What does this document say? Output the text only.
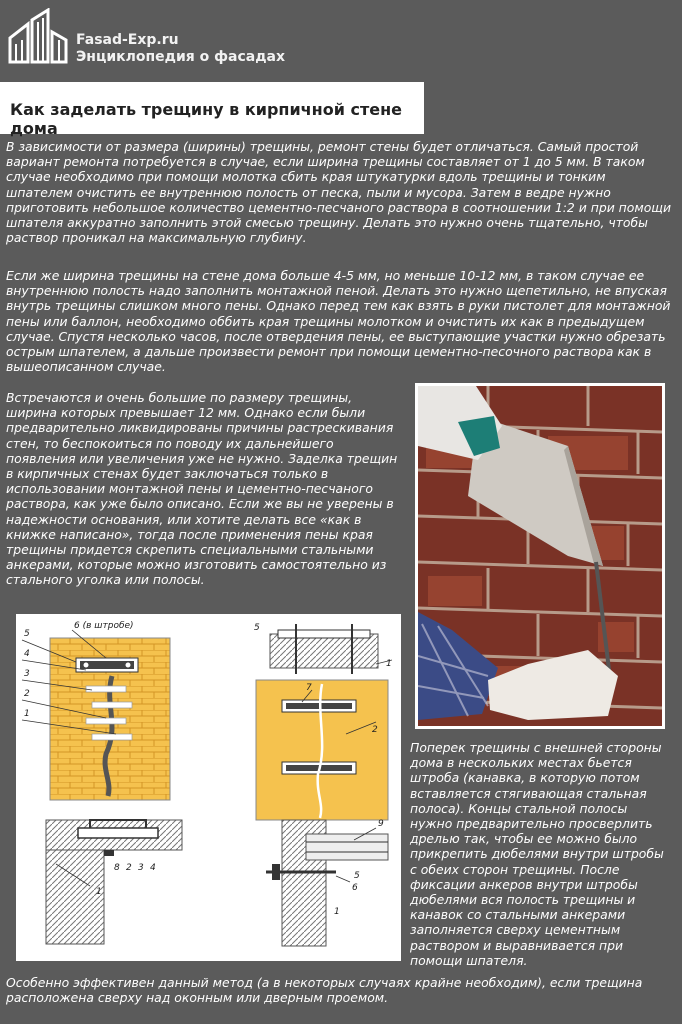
Fasad-Exp.ru
Энциклопедия о фасадах
Как заделать трещину в кирпичной стене дома

В зависимости от размера (ширины) трещины, ремонт стены будет отличаться. Самый простой вариант ремонта потребуется в случае, если ширина трещины составляет от 1 до 5 мм. В таком случае необходимо при помощи молотка сбить края штукатурки вдоль трещины и тонким шпателем очистить ее внутреннюю полость от песка, пыли и мусора. Затем в ведре нужно приготовить небольшое количество цементно-песчаного раствора в соотношении 1:2 и при помощи шпателя аккуратно заполнить этой смесью трещину. Делать это нужно очень тщательно, чтобы раствор проникал на максимальную глубину.

Если же ширина трещины на стене дома больше 4-5 мм, но меньше 10-12 мм, в таком случае ее внутреннюю полость надо заполнить монтажной пеной. Делать это нужно щепетильно, не впуская внутрь трещины слишком много пены. Однако перед тем как взять в руки пистолет для монтажной пены или баллон, необходимо оббить края трещины молотком и очистить их как в предыдущем случае. Спустя несколько часов, после отвердения пены, ее выступающие участки нужно обрезать острым шпателем, а дальше произвести ремонт при помощи цементно-песочного раствора как в вышеописанном случае.

Встречаются и очень большие по размеру трещины, ширина которых превышает 12 мм. Однако если были предварительно ликвидированы причины растрескивания стен, то беспокоиться по поводу их дальнейшего появления или увеличения уже не нужно. Заделка трещин в кирпичных стенах будет заключаться только в использовании монтажной пены и цементно-песчаного раствора, как уже было описано. Если же вы не уверены в надежности основания, или хотите делать все «как в книжке написано», тогда после применения пены края трещины придется скрепить специальными стальными анкерами, которые можно изготовить самостоятельно из стального уголка или полосы.

5
4
3
2
1
6 (в штробе)	5
1
7
2
8 2 3 4
1
9
5
6
1

Поперек трещины с внешней стороны дома в нескольких местах бьется штроба (канавка, в которую потом вставляется стягивающая стальная полоса). Концы стальной полосы нужно предварительно просверлить дрелью так, чтобы ее можно было прикрепить дюбелями внутри штробы с обеих сторон трещины. После фиксации анкеров внутри штробы дюбелями вся полость трещины и канавок со стальными анкерами заполняется сверху цементным раствором и выравнивается при помощи шпателя.

Особенно эффективен данный метод (а в некоторых случаях крайне необходим), если трещина расположена сверху над оконным или дверным проемом.
